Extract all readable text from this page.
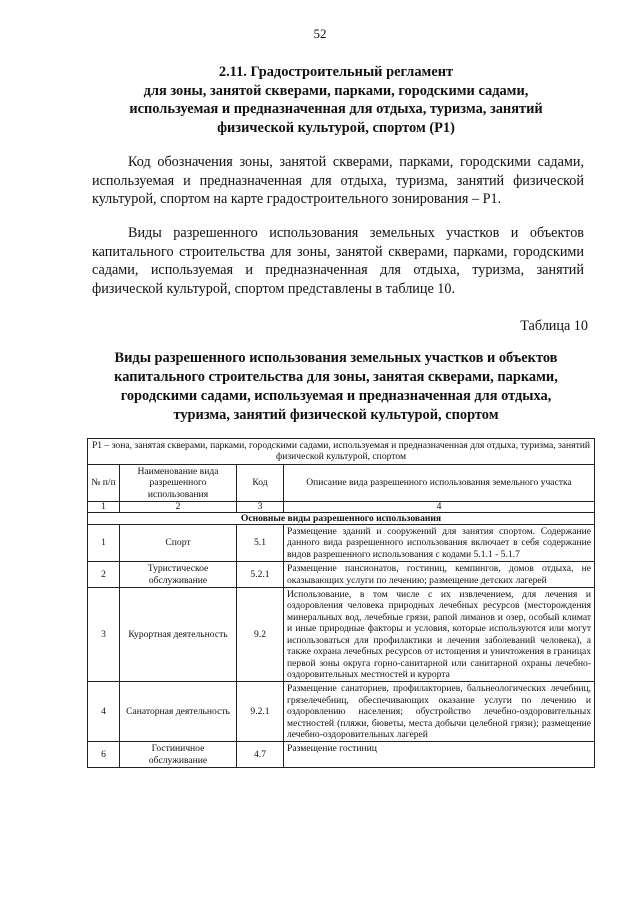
52
2.11. Градостроительный регламент
для зоны, занятой скверами, парками, городскими садами,
используемая и предназначенная для отдыха, туризма, занятий
физической культурой, спортом (Р1)

Код обозначения зоны, занятой скверами, парками, городскими садами, используемая и предназначенная для отдыха, туризма, занятий физической культурой, спортом на карте градостроительного зонирования – Р1.

Виды разрешенного использования земельных участков и объектов капитального строительства для зоны, занятой скверами, парками, городскими садами, используемая и предназначенная для отдыха, туризма, занятий физической культурой, спортом представлены в таблице 10.

Таблица 10
Виды разрешенного использования земельных участков и объектов
капитального строительства для зоны, занятая скверами, парками,
городскими садами, используемая и предназначенная для отдыха,
туризма, занятий физической культурой, спортом
Р1 – зона, занятая скверами, парками, городскими садами, используемая и предназначенная для отдыха, туризма, занятий физической культурой, спортом			
№ п/п	Наименование вида разрешенного использования	Код	Описание вида разрешенного использования земельного участка
1	2	3	4
Основные виды разрешенного использования			
1	Спорт	5.1	Размещение зданий и сооружений для занятия спортом. Содержание данного вида разрешенного использования включает в себя содержание видов разрешенного использования с кодами 5.1.1 - 5.1.7
2	Туристическое обслуживание	5.2.1	Размещение пансионатов, гостиниц, кемпингов, домов отдыха, не оказывающих услуги по лечению; размещение детских лагерей
3	Курортная деятельность	9.2	Использование, в том числе с их извлечением, для лечения и оздоровления человека природных лечебных ресурсов (месторождения минеральных вод, лечебные грязи, рапой лиманов и озер, особый климат и иные природные факторы и условия, которые используются или могут использоваться для профилактики и лечения заболеваний человека), а также охрана лечебных ресурсов от истощения и уничтожения в границах первой зоны округа горно-санитарной или санитарной охраны лечебно-оздоровительных местностей и курорта
4	Санаторная деятельность	9.2.1	Размещение санаториев, профилакториев, бальнеологических лечебниц, грязелечебниц, обеспечивающих оказание услуги по лечению и оздоровлению населения; обустройство лечебно-оздоровительных местностей (пляжи, бюветы, места добычи целебной грязи); размещение лечебно-оздоровительных лагерей
6	Гостиничное обслуживание	4.7	Размещение гостиниц
